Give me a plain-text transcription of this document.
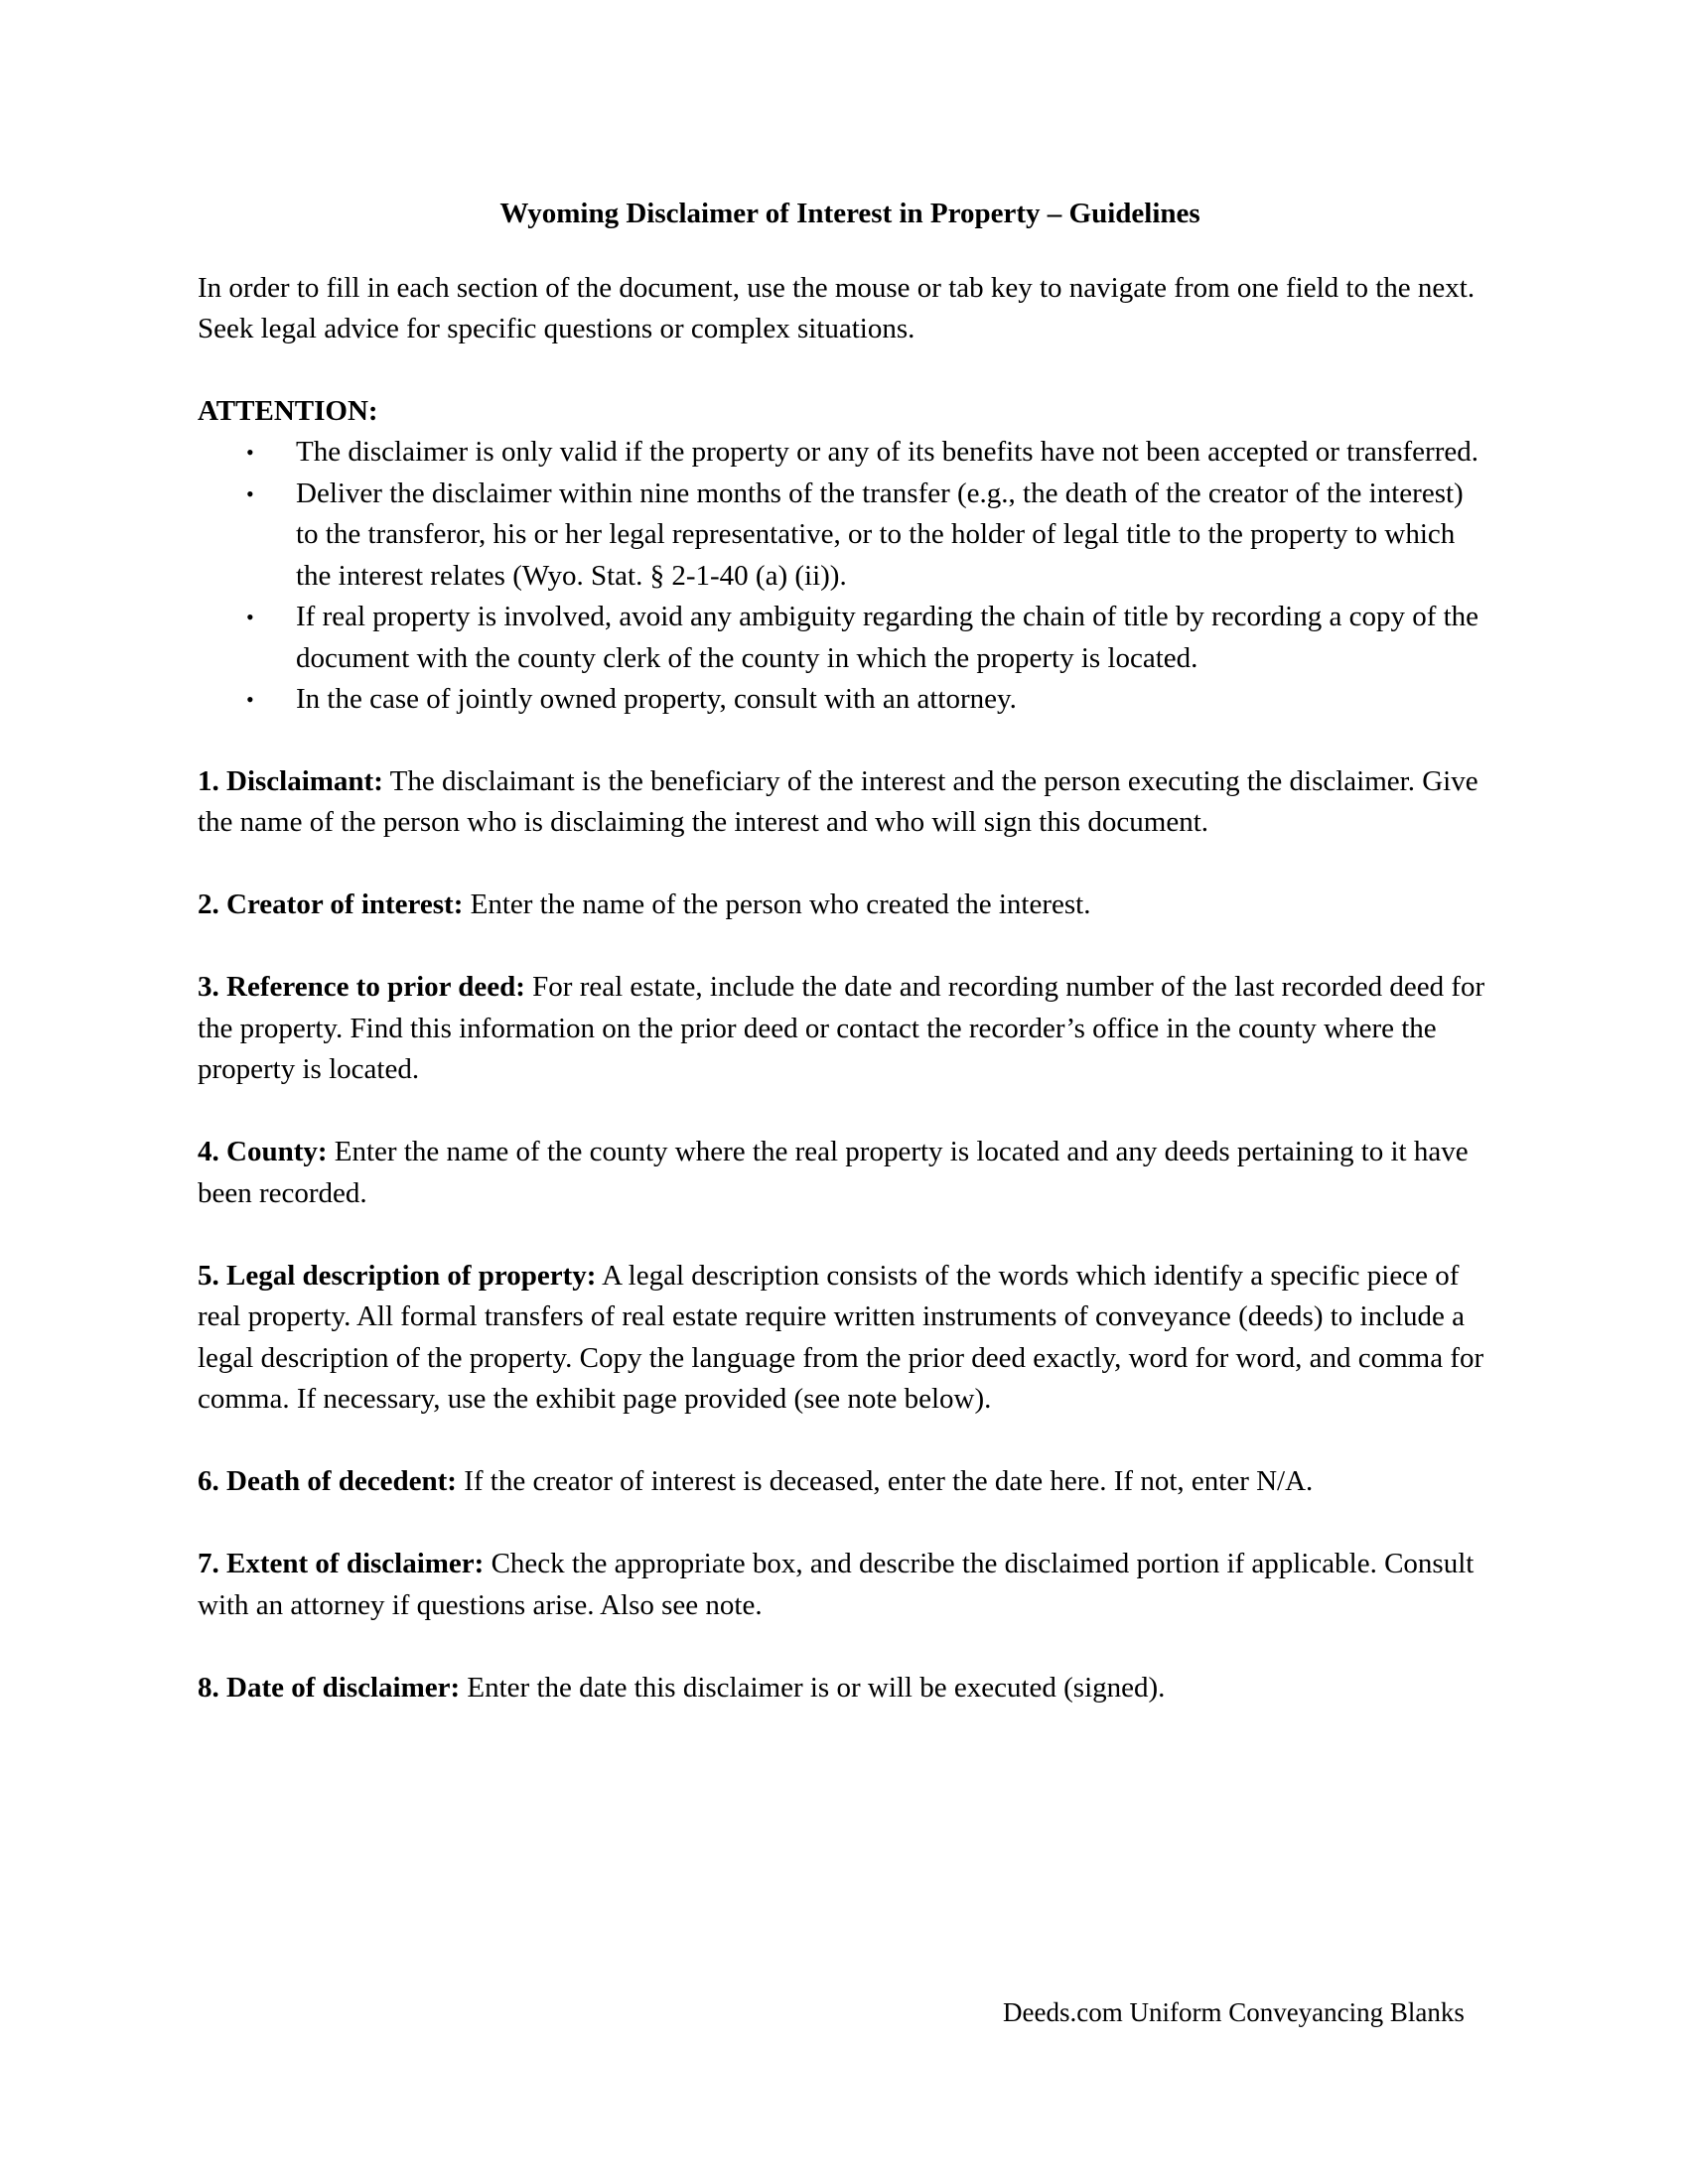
Wyoming Disclaimer of Interest in Property – Guidelines

In order to fill in each section of the document, use the mouse or tab key to navigate from one field to the next. Seek legal advice for specific questions or complex situations.

ATTENTION:

• The disclaimer is only valid if the property or any of its benefits have not been accepted or transferred.
• Deliver the disclaimer within nine months of the transfer (e.g., the death of the creator of the interest) to the transferor, his or her legal representative, or to the holder of legal title to the property to which the interest relates (Wyo. Stat. § 2-1-40 (a) (ii)).
• If real property is involved, avoid any ambiguity regarding the chain of title by recording a copy of the document with the county clerk of the county in which the property is located.
• In the case of jointly owned property, consult with an attorney.

1. Disclaimant: The disclaimant is the beneficiary of the interest and the person executing the disclaimer. Give the name of the person who is disclaiming the interest and who will sign this document.

2. Creator of interest: Enter the name of the person who created the interest.

3. Reference to prior deed: For real estate, include the date and recording number of the last recorded deed for the property. Find this information on the prior deed or contact the recorder’s office in the county where the property is located.

4. County: Enter the name of the county where the real property is located and any deeds pertaining to it have been recorded.

5. Legal description of property: A legal description consists of the words which identify a specific piece of real property. All formal transfers of real estate require written instruments of conveyance (deeds) to include a legal description of the property. Copy the language from the prior deed exactly, word for word, and comma for comma. If necessary, use the exhibit page provided (see note below).

6. Death of decedent: If the creator of interest is deceased, enter the date here. If not, enter N/A.

7. Extent of disclaimer: Check the appropriate box, and describe the disclaimed portion if applicable. Consult with an attorney if questions arise. Also see note.

8. Date of disclaimer: Enter the date this disclaimer is or will be executed (signed).

Deeds.com Uniform Conveyancing Blanks
